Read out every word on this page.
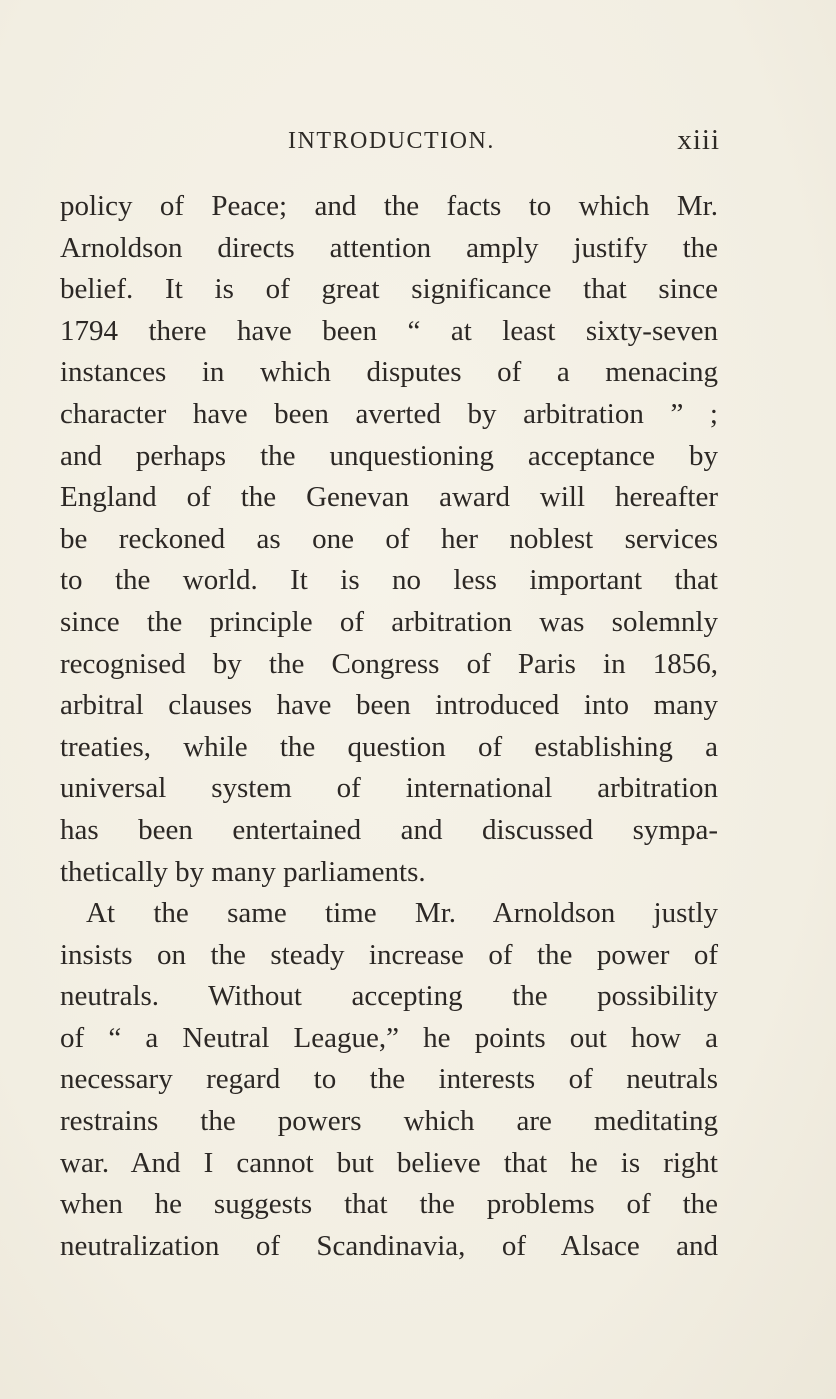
INTRODUCTION.	xiii
policy of Peace; and the facts to which Mr.
Arnoldson directs attention amply justify the
belief. It is of great significance that since
1794 there have been “ at least sixty-seven
instances in which disputes of a menacing
character have been averted by arbitration ” ;
and perhaps the unquestioning acceptance by
England of the Genevan award will hereafter
be reckoned as one of her noblest services
to the world. It is no less important that
since the principle of arbitration was solemnly
recognised by the Congress of Paris in 1856,
arbitral clauses have been introduced into many
treaties, while the question of establishing a
universal system of international arbitration
has been entertained and discussed sympa-
thetically by many parliaments.
At the same time Mr. Arnoldson justly
insists on the steady increase of the power of
neutrals. Without accepting the possibility
of “ a Neutral League,” he points out how a
necessary regard to the interests of neutrals
restrains the powers which are meditating
war. And I cannot but believe that he is right
when he suggests that the problems of the
neutralization of Scandinavia, of Alsace and
